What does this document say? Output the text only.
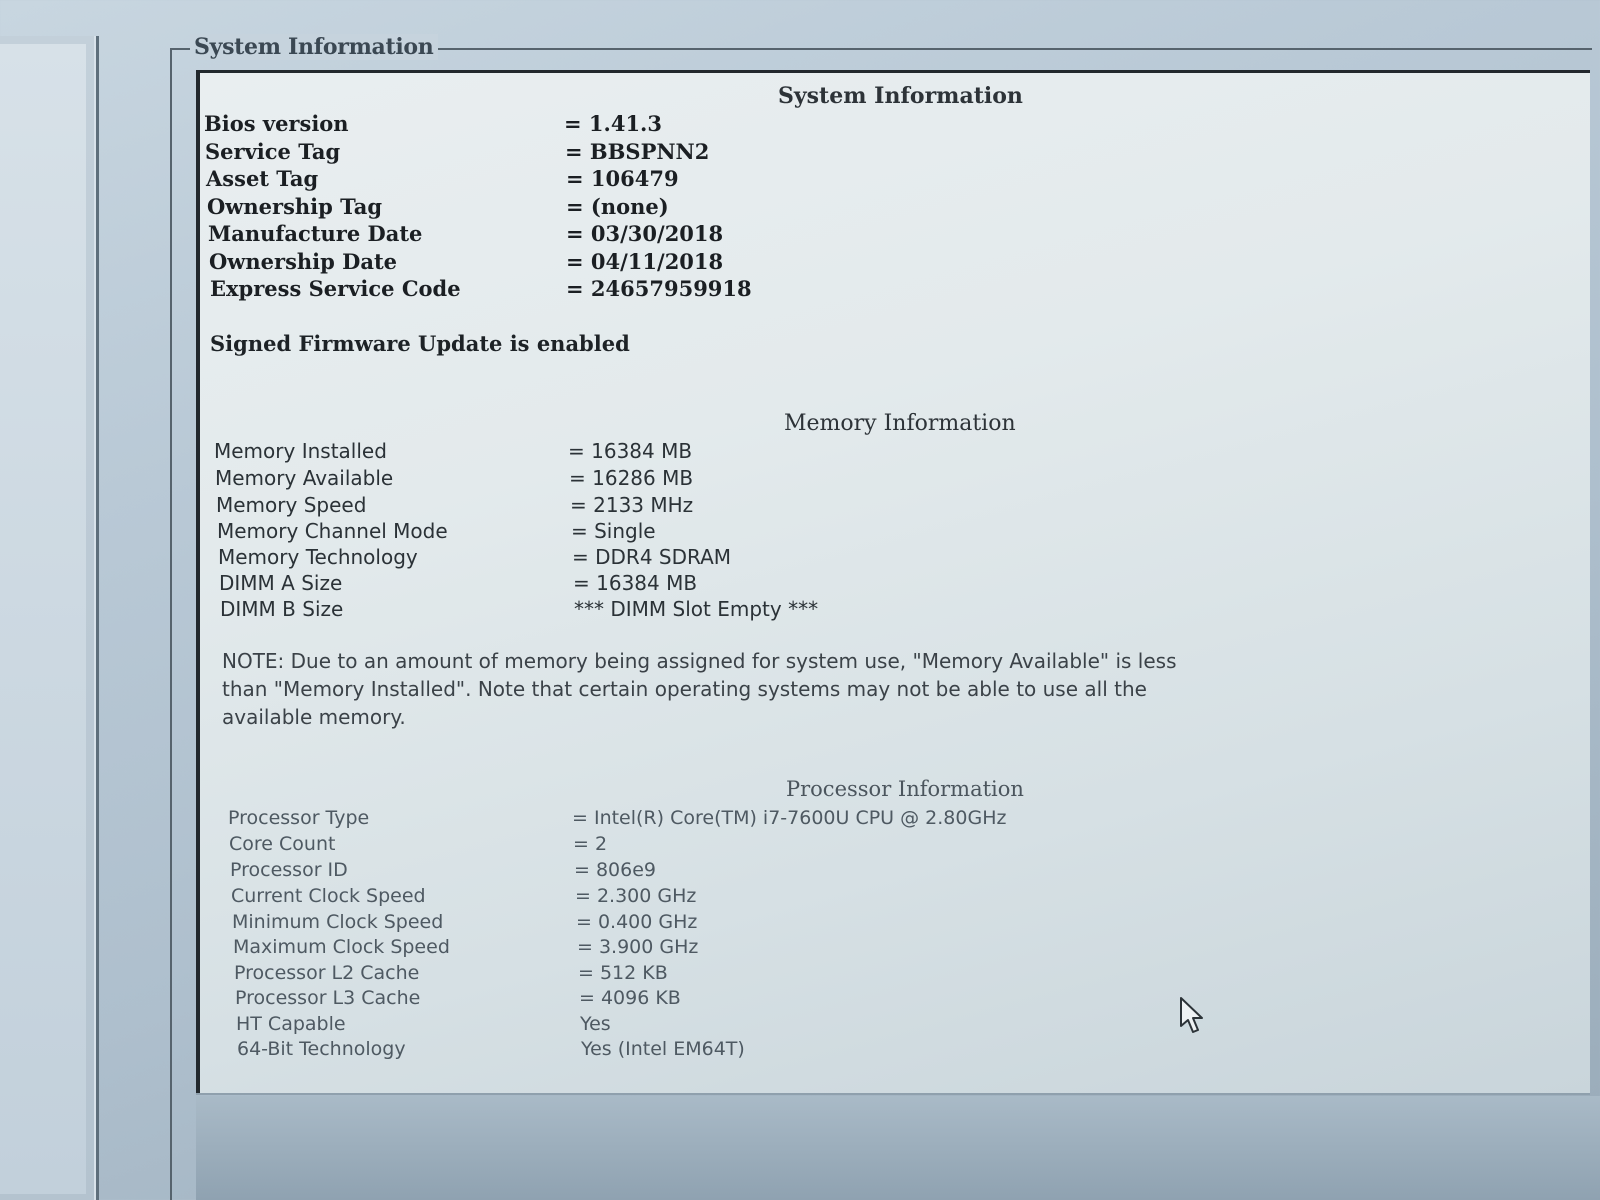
System Information
System Information
Bios version	= 1.41.3
Service Tag	= BBSPNN2
Asset Tag	= 106479
Ownership Tag	= (none)
Manufacture Date	= 03/30/2018
Ownership Date	= 04/11/2018
Express Service Code	= 24657959918
Signed Firmware Update is enabled
Memory Information
Memory Installed	= 16384 MB
Memory Available	= 16286 MB
Memory Speed	= 2133 MHz
Memory Channel Mode	= Single
Memory Technology	= DDR4 SDRAM
DIMM A Size	= 16384 MB
DIMM B Size	*** DIMM Slot Empty ***
NOTE: Due to an amount of memory being assigned for system use, "Memory Available" is less
than "Memory Installed". Note that certain operating systems may not be able to use all the
available memory.
Processor Information
Processor Type	= Intel(R) Core(TM) i7-7600U CPU @ 2.80GHz
Core Count	= 2
Processor ID	= 806e9
Current Clock Speed	= 2.300 GHz
Minimum Clock Speed	= 0.400 GHz
Maximum Clock Speed	= 3.900 GHz
Processor L2 Cache	= 512 KB
Processor L3 Cache	= 4096 KB
HT Capable	Yes
64-Bit Technology	Yes (Intel EM64T)
